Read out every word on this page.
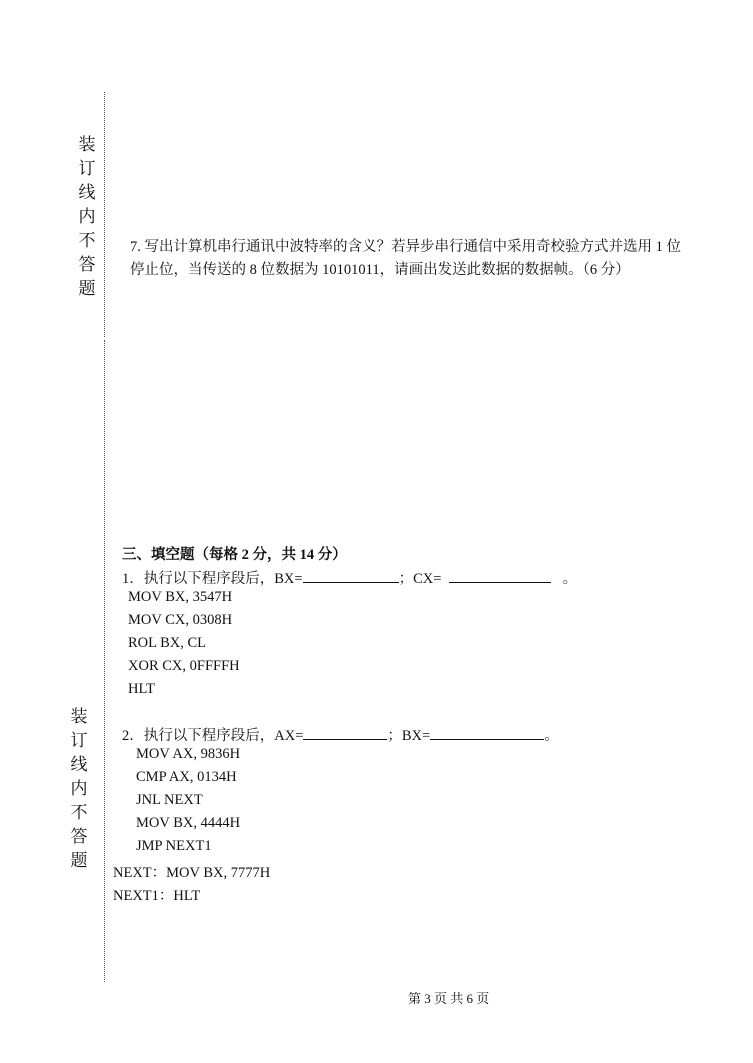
装
订
线
内
不
答
题
装
订
线
内
不
答
题
7. 写出计算机串行通讯中波特率的含义？若异步串行通信中采用奇校验方式并选用 1 位停止位，当传送的 8 位数据为 10101011，请画出发送此数据的数据帧。（6 分）
三、填空题（每格 2 分，共 14 分）
1．执行以下程序段后，BX=	；CX=	。
MOV BX, 3547H
MOV CX, 0308H
ROL BX, CL
XOR CX, 0FFFFH
HLT
2．执行以下程序段后，AX=	；BX=	。
MOV AX, 9836H
CMP AX, 0134H
JNL NEXT
MOV BX, 4444H
JMP NEXT1
NEXT：MOV BX, 7777H
NEXT1：HLT
第 3 页 共 6 页
